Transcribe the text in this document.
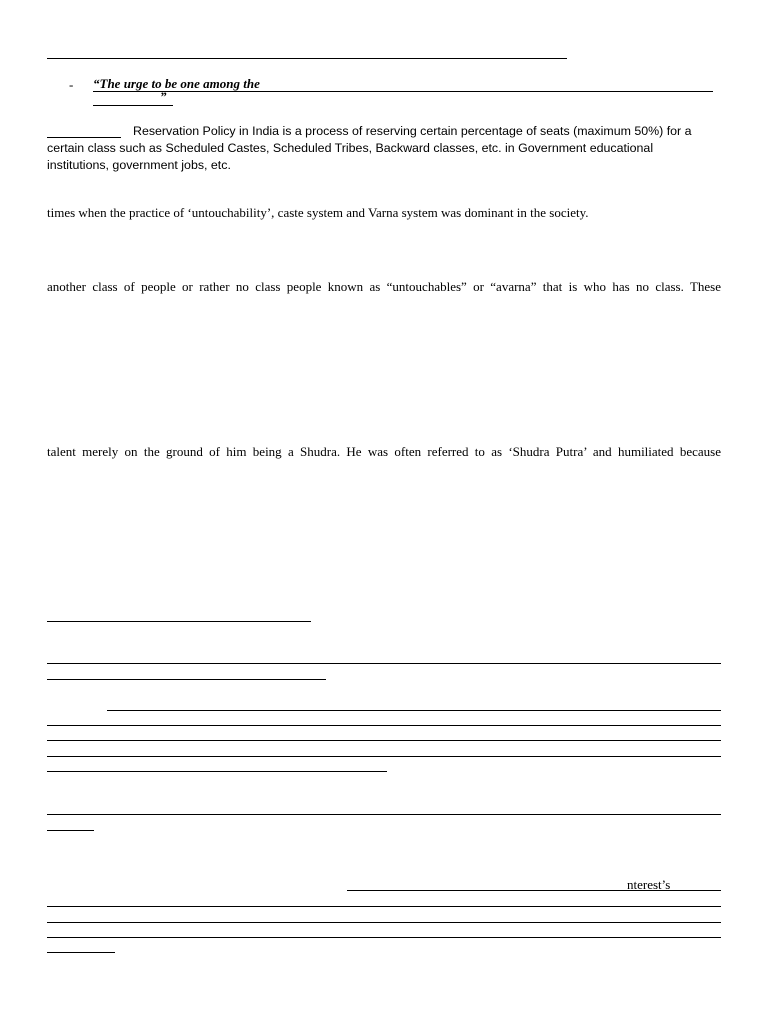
- “The urge to be one among the
”
Reservation Policy in India is a process of reserving certain percentage of seats (maximum 50%) for a
certain class such as Scheduled Castes, Scheduled Tribes, Backward classes, etc. in Government educational
institutions, government jobs, etc.
times when the practice of ‘untouchability’, caste system and Varna system was dominant in the society.
another class of people or rather no class people known as “untouchables” or “avarna” that is who has no class. These
talent merely on the ground of him being a Shudra. He was often referred to as ‘Shudra Putra’ and humiliated because
nterest’s
